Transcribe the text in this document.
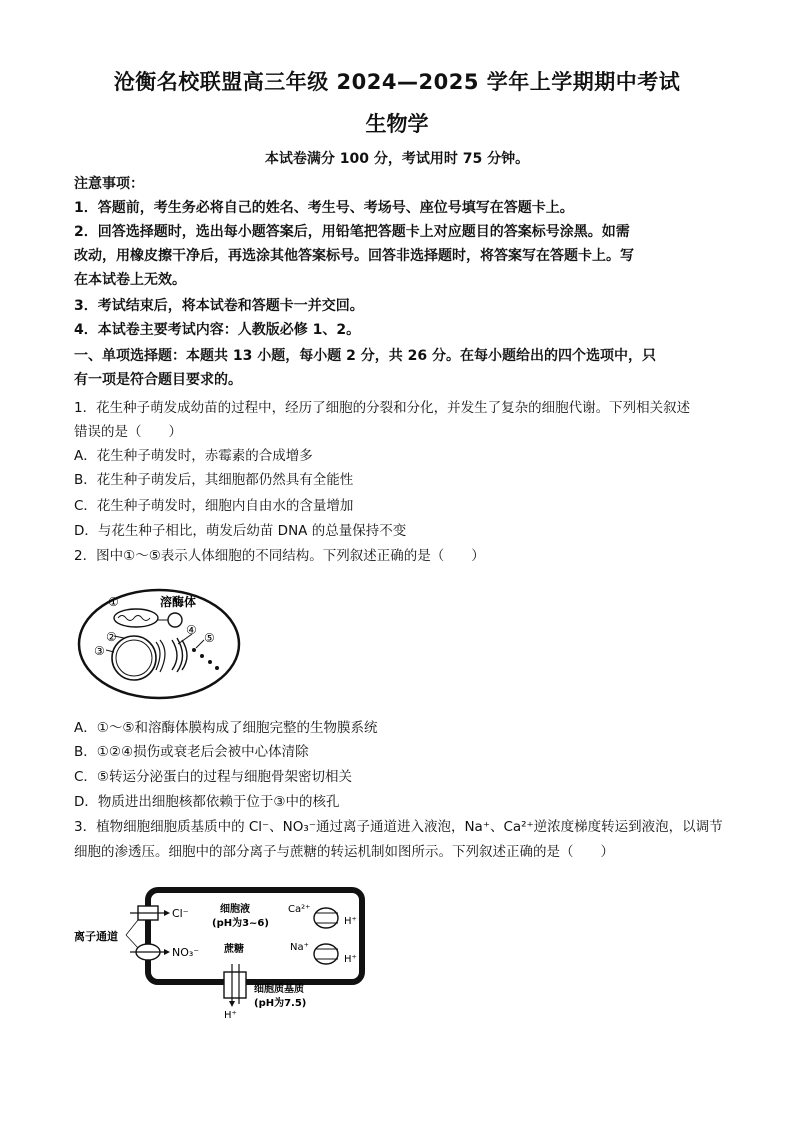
沧衡名校联盟高三年级 2024—2025 学年上学期期中考试
生物学
本试卷满分 100 分，考试用时 75 分钟。
注意事项：
1．答题前，考生务必将自己的姓名、考生号、考场号、座位号填写在答题卡上。
2．回答选择题时，选出每小题答案后，用铅笔把答题卡上对应题目的答案标号涂黑。如需
改动，用橡皮擦干净后，再选涂其他答案标号。回答非选择题时，将答案写在答题卡上。写
在本试卷上无效。
3．考试结束后，将本试卷和答题卡一并交回。
4．本试卷主要考试内容：人教版必修 1、2。
一、单项选择题：本题共 13 小题，每小题 2 分，共 26 分。在每小题给出的四个选项中，只
有一项是符合题目要求的。
1．花生种子萌发成幼苗的过程中，经历了细胞的分裂和分化，并发生了复杂的细胞代谢。下列相关叙述
错误的是（　　）
A．花生种子萌发时，赤霉素的合成增多
B．花生种子萌发后，其细胞都仍然具有全能性
C．花生种子萌发时，细胞内自由水的含量增加
D．与花生种子相比，萌发后幼苗 DNA 的总量保持不变
2．图中①～⑤表示人体细胞的不同结构。下列叙述正确的是（　　）
①	溶酶体
②
③
④
⑤
A．①～⑤和溶酶体膜构成了细胞完整的生物膜系统
B．①②④损伤或衰老后会被中心体清除
C．⑤转运分泌蛋白的过程与细胞骨架密切相关
D．物质进出细胞核都依赖于位于③中的核孔
3．植物细胞细胞质基质中的 Cl⁻、NO₃⁻通过离子通道进入液泡，Na⁺、Ca²⁺逆浓度梯度转运到液泡，以调节
细胞的渗透压。细胞中的部分离子与蔗糖的转运机制如图所示。下列叙述正确的是（　　）
离子通道
Cl⁻
NO₃⁻
细胞液
(pH为3~6)
蔗糖
Ca²⁺
H⁺
Na⁺
H⁺
H⁺
细胞质基质
(pH为7.5)
